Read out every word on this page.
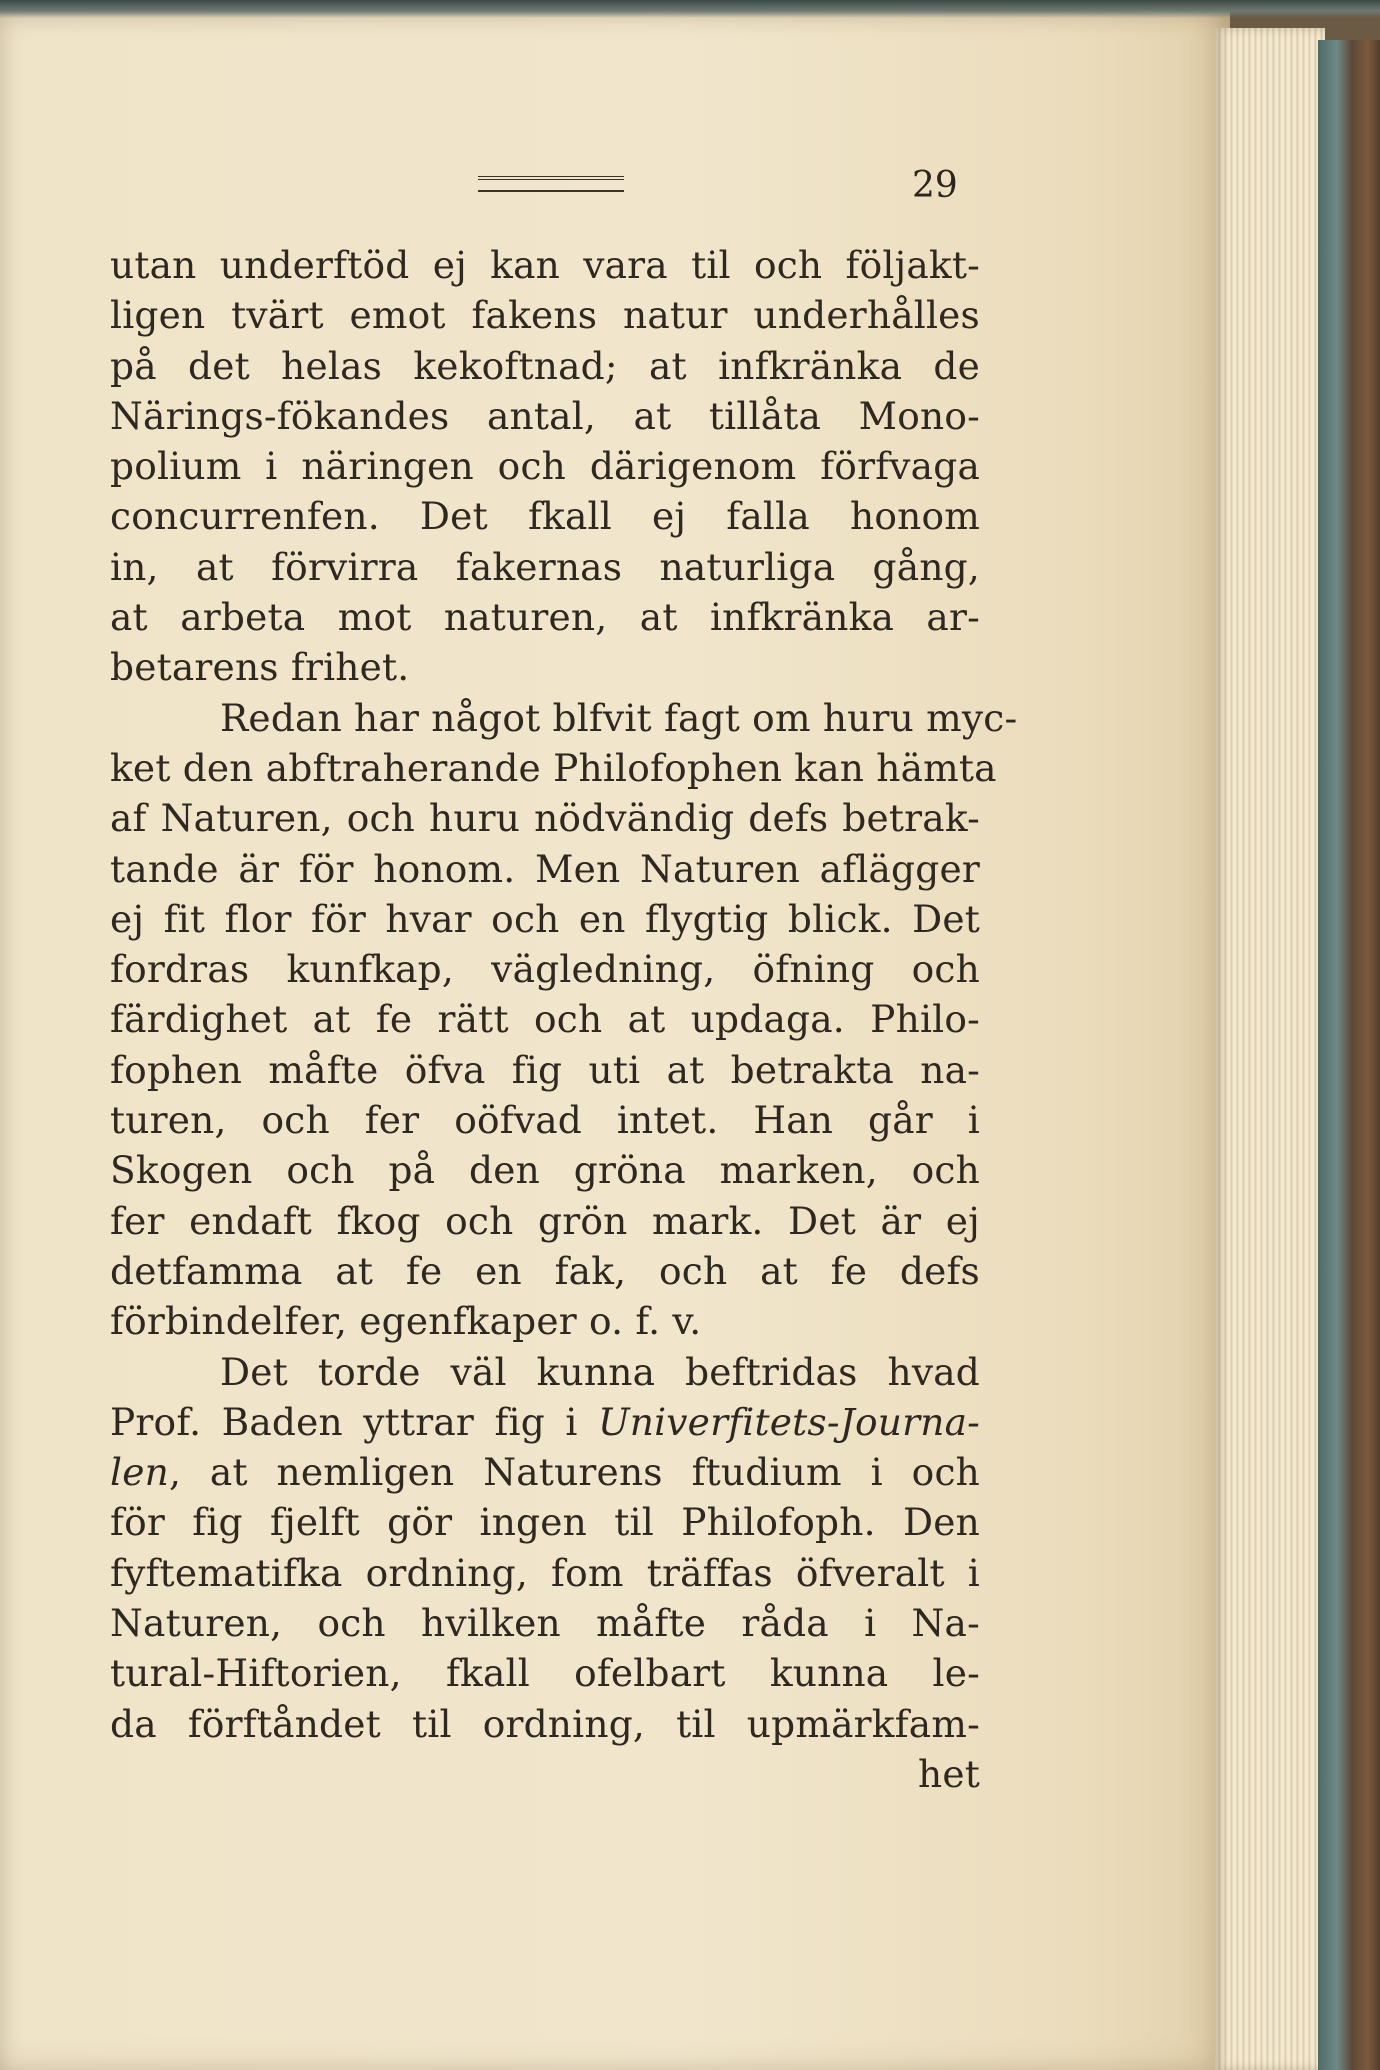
29
utan underftöd ej kan vara til och följakt-
ligen tvärt emot fakens natur underhålles
på det helas kekoftnad; at infkränka de
Närings-fökandes antal, at tillåta Mono-
polium i näringen och därigenom förfvaga
concurrenfen. Det fkall ej falla honom
in, at förvirra fakernas naturliga gång,
at arbeta mot naturen, at infkränka ar-
betarens frihet.
Redan har något blfvit fagt om huru myc-
ket den abftraherande Philofophen kan hämta
af Naturen, och huru nödvändig defs betrak-
tande är för honom. Men Naturen aflägger
ej fit flor för hvar och en flygtig blick. Det
fordras kunfkap, vägledning, öfning och
färdighet at fe rätt och at updaga. Philo-
fophen måfte öfva fig uti at betrakta na-
turen, och fer oöfvad intet. Han går i
Skogen och på den gröna marken, och
fer endaft fkog och grön mark. Det är ej
detfamma at fe en fak, och at fe defs
förbindelfer, egenfkaper o. f. v.
Det torde väl kunna beftridas hvad
Prof. Baden yttrar fig i Univerfitets-Journa-
len, at nemligen Naturens ftudium i och
för fig fjelft gör ingen til Philofoph. Den
fyftematifka ordning, fom träffas öfveralt i
Naturen, och hvilken måfte råda i Na-
tural-Hiftorien, fkall ofelbart kunna le-
da förftåndet til ordning, til upmärkfam-
het
